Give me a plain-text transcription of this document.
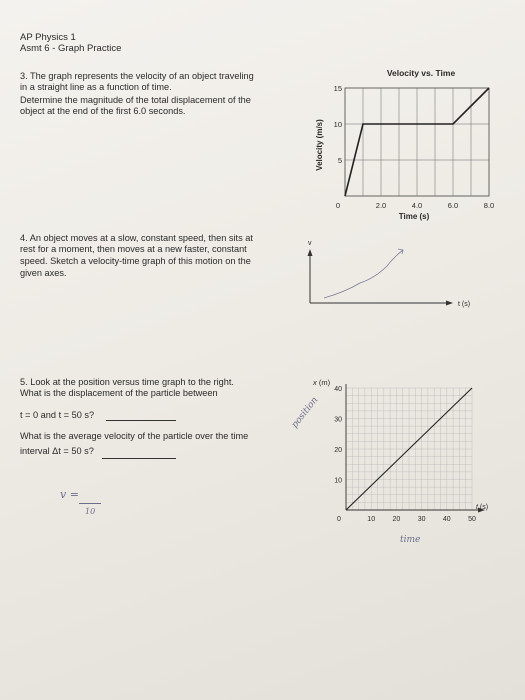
AP Physics 1
Asmt 6 - Graph Practice
3. The graph represents the velocity of an object traveling
in a straight line as a function of time.
Determine the magnitude of the total displacement of the
object at the end of the first 6.0 seconds.
Velocity vs. Time
0	2.0	4.0	6.0	8.0
5
10
15
Time (s)
Velocity (m/s)
4. An object moves at a slow, constant speed, then sits at
rest for a moment, then moves at a new faster, constant
speed. Sketch a velocity-time graph of this motion on the
given axes.
v
t (s)
5. Look at the position versus time graph to the right.
What is the displacement of the particle between
t = 0 and t = 50 s?
What is the average velocity of the particle over the time
interval Δt = 50 s?
v =
10
position
time
x (m)
10 20 30 40 50
10
20
30
40
0
t (s)
